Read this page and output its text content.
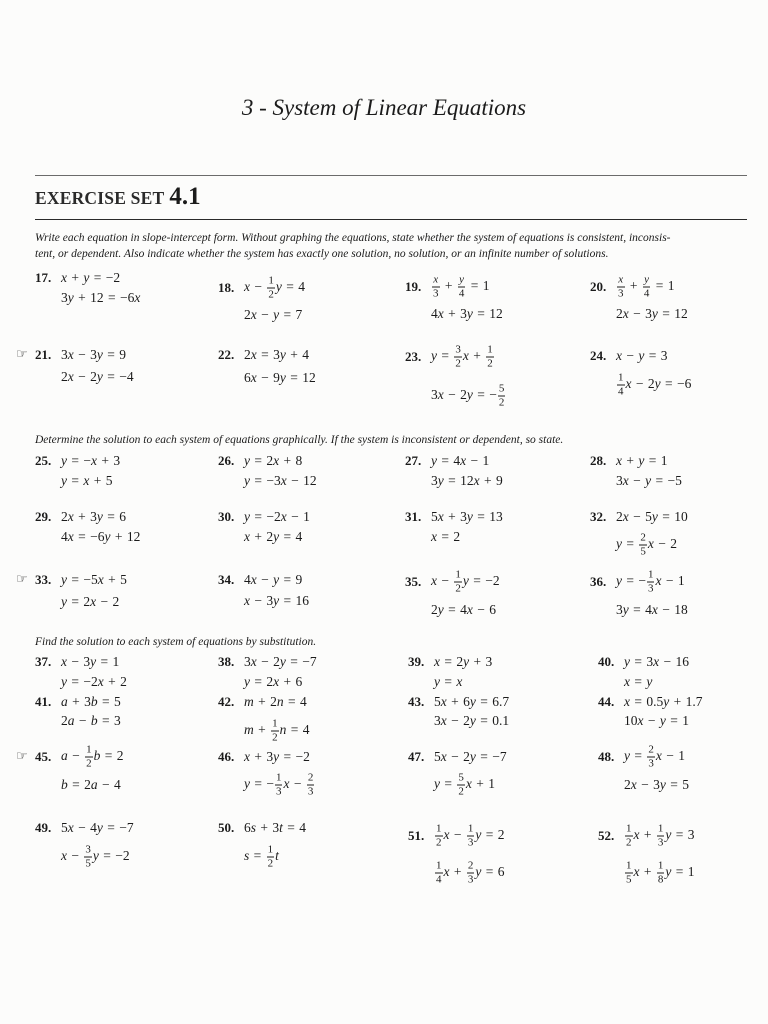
3 - System of Linear Equations
EXERCISE SET 4.1
Write each equation in slope-intercept form. Without graphing the equations, state whether the system of equations is consistent, inconsis-
tent, or dependent. Also indicate whether the system has exactly one solution, no solution, or an infinite number of solutions.
17. x + y = −2
3y + 12 = −6x
18. $x - \frac{1}{2}$ y = 4
2x − y = 7
19. $\frac{x}{3} + \frac{y}{4} = 1$
4x + 3y = 12
20. $\frac{x}{3} + \frac{y}{4} = 1$
2x − 3y = 12
☞
21. 3x − 3y = 9
2x − 2y = −4
22. 2x = 3y + 4
6x − 9y = 12
23. $y = \frac{3}{2}$ $x + \frac{1}{2}$
3x − 2y = − $\frac{5}{2}$
24. x − y = 3
$\frac{1}{4}$ x − 2y = −6
Determine the solution to each system of equations graphically. If the system is inconsistent or dependent, so state.
25. y = −x + 3
y = x + 5
26. y = 2x + 8
y = −3x − 12
27. y = 4x − 1
3y = 12x + 9
28. x + y = 1
3x − y = −5
29. 2x + 3y = 6
4x = −6y + 12
30. y = −2x − 1
x + 2y = 4
31. 5x + 3y = 13
x = 2
32. 2x − 5y = 10
$y = \frac{2}{5}$ x − 2
☞
33. y = −5x + 5
y = 2x − 2
34. 4x − y = 9
x − 3y = 16
35. $x - \frac{1}{2}$ y = −2
2y = 4x − 6
36. y = − $\frac{1}{3}$ x − 1
3y = 4x − 18
Find the solution to each system of equations by substitution.
37. x − 3y = 1
y = −2x + 2
38. 3x − 2y = −7
y = 2x + 6
39. x = 2y + 3
y = x
40. y = 3x − 16
x = y
41. a + 3b = 5
2a − b = 3
42. m + 2n = 4
$m + \frac{1}{2}$ n = 4
43. 5x + 6y = 6.7
3x − 2y = 0.1
44. x = 0.5y + 1.7
10x − y = 1
☞
45. $a - \frac{1}{2}$ b = 2
b = 2a − 4
46. x + 3y = −2
y = − $\frac{1}{3}$ $x - \frac{2}{3}$
47. 5x − 2y = −7
$y = \frac{5}{2}$ x + 1
48. $y = \frac{2}{3}$ x − 1
2x − 3y = 5
49. 5x − 4y = −7
$x - \frac{3}{5}$ y = −2
50. 6s + 3t = 4
$s = \frac{1}{2}$ t
51. $\frac{1}{2}$ $x - \frac{1}{3}$ y = 2
$\frac{1}{4}$ $x + \frac{2}{3}$ y = 6
52. $\frac{1}{2}$ $x + \frac{1}{3}$ y = 3
$\frac{1}{5}$ $x + \frac{1}{8}$ y = 1
